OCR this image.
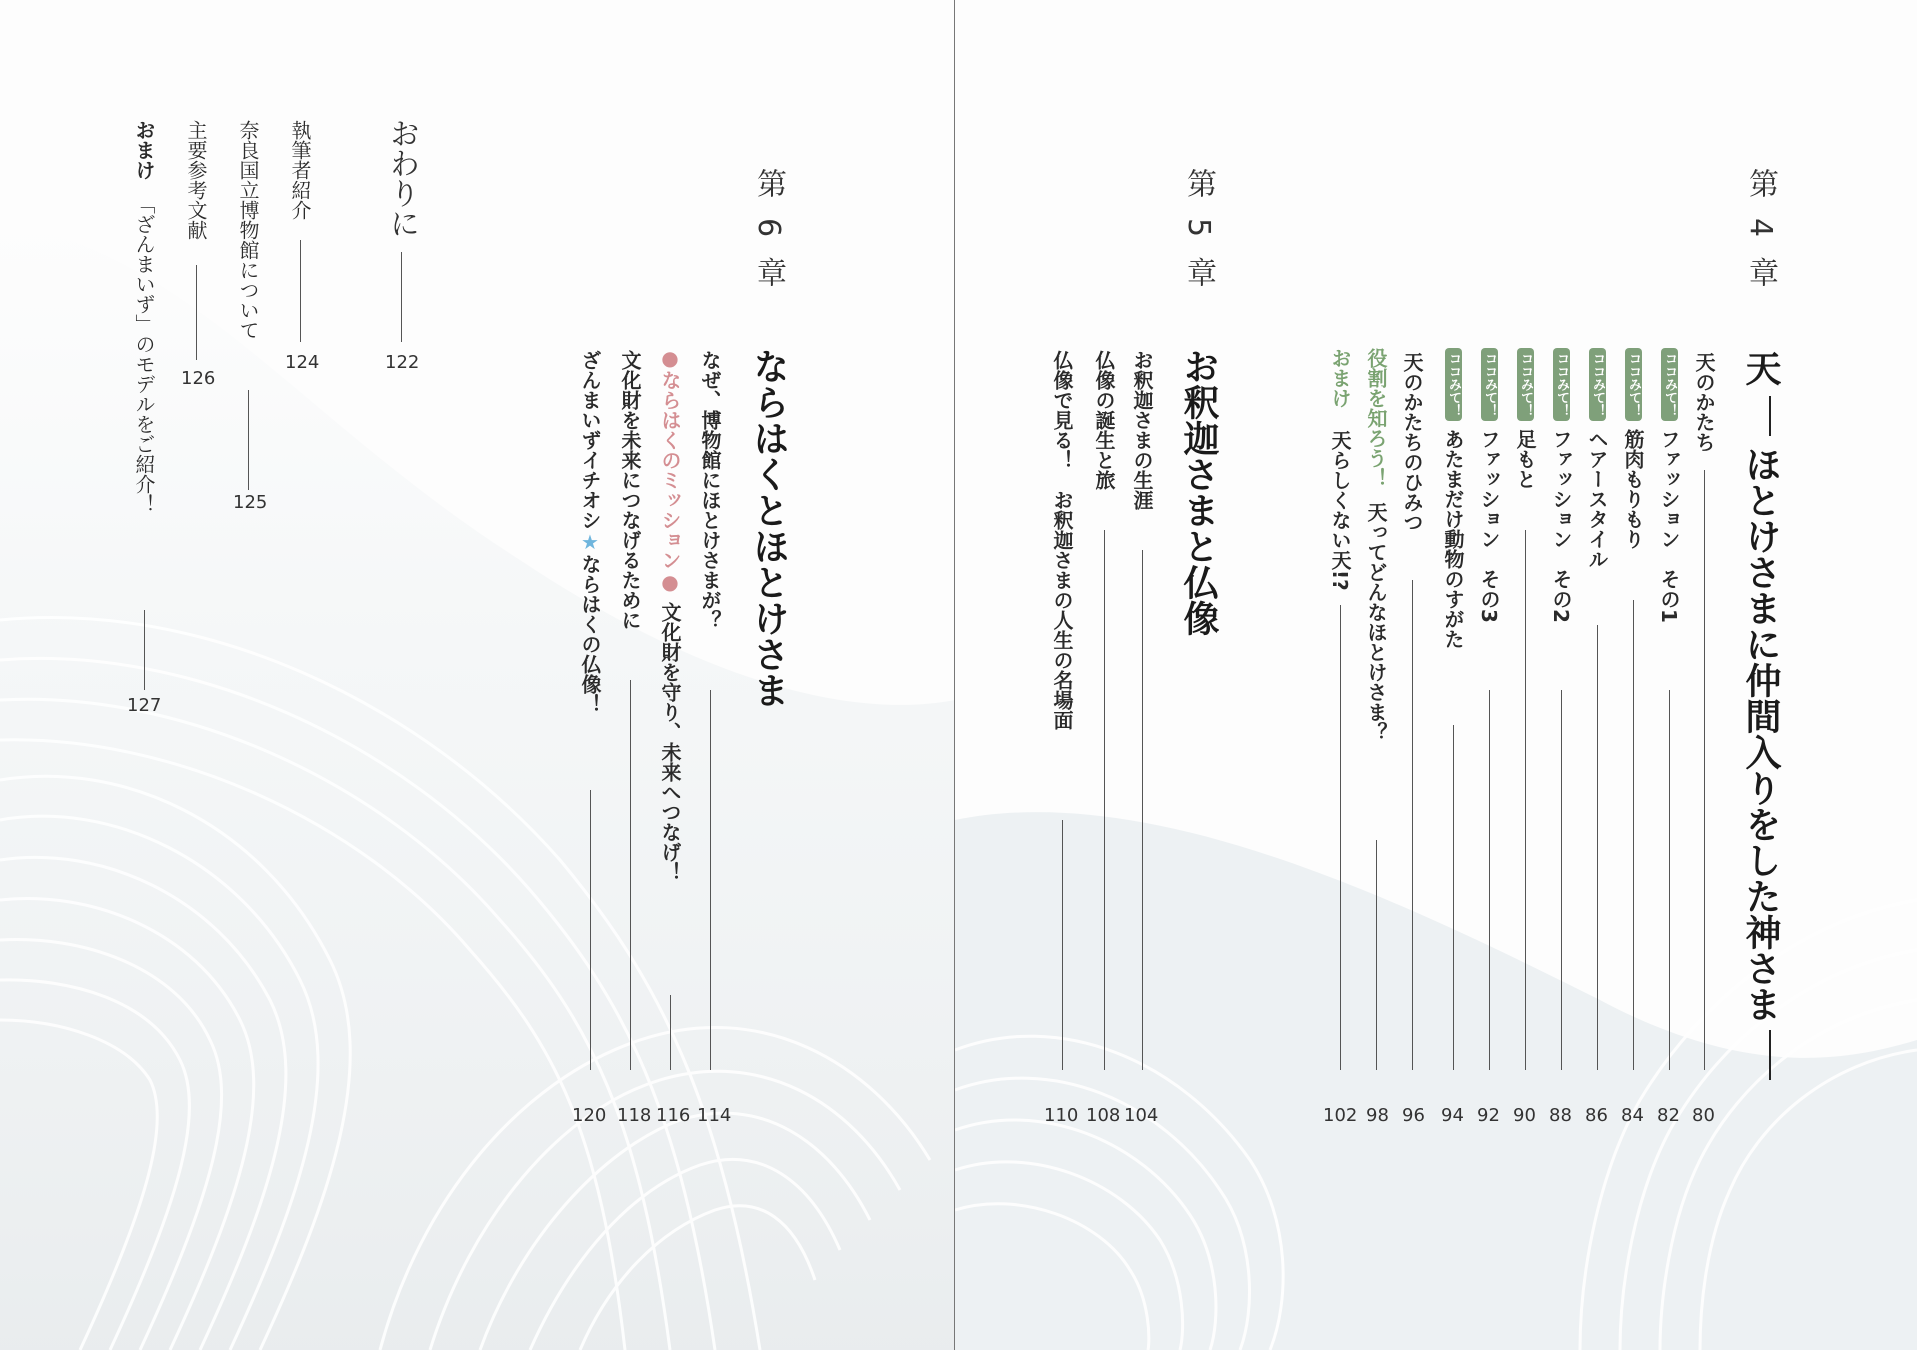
第4章
天ほとけさまに仲間入りをした神さま
天のかたち
80
ココみて！ファッション　その1
82
ココみて！筋肉もりもり
84
ココみて！ヘアースタイル
86
ココみて！ファッション　その2
88
ココみて！足もと
90
ココみて！ファッション　その3
92
ココみて！あたまだけ動物のすがた
94
天のかたちのひみつ
96
役割を知ろう！天ってどんなほとけさま？
98
おまけ天らしくない天!?
102
第5章
お釈迦さまと仏像
お釈迦さまの生涯
104
仏像の誕生と旅
108
仏像で見る！　お釈迦さまの人生の名場面
110
第6章
ならはくとほとけさま
なぜ、博物館にほとけさまが？
114
●ならはくのミッション●文化財を守り、未来へつなげ！
116
文化財を未来につなげるために
118
ざんまいずイチオシ★ならはくの仏像！
120
おわりに
122
執筆者紹介
124
奈良国立博物館について
125
主要参考文献
126
おまけ「ざんまいず」のモデルをご紹介！
127
